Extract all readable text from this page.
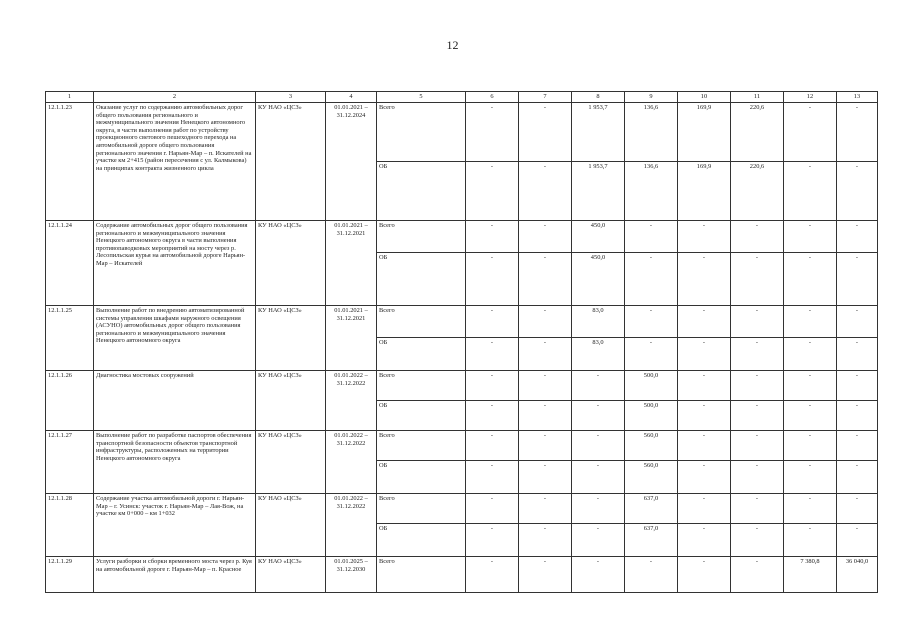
12
1	2	3	4	5	6	7	8	9	10	11	12	13
12.1.1.23	Оказание услуг по содержанию автомобильных дорог общего пользования регионального и межмуниципального значения Ненецкого автономного округа, в части выполнения работ по устройству проекционного светового пешеходного перехода на автомобильной дороге общего пользования регионального значения г. Нарьян-Мар – п. Искателей на участке км 2+415 (район пересечения с ул. Калмыкова) на принципах контракта жизненного цикла	КУ НАО «ЦСЗ»	01.01.2021 – 31.12.2024	Всего	-	-	1 953,7	136,6	169,9	220,6	-	-
				ОБ	-	-	1 953,7	136,6	169,9	220,6	-	-
12.1.1.24	Содержание автомобильных дорог общего пользования регионального и межмуниципального значения Ненецкого автономного округа в части выполнения противопаводковых мероприятий на мосту через р. Лесопильская курья на автомобильной дороге Нарьян-Мар – Искателей	КУ НАО «ЦСЗ»	01.01.2021 – 31.12.2021	Всего	-	-	450,0	-	-	-	-	-
				ОБ	-	-	450,0	-	-	-	-	-
12.1.1.25	Выполнение работ по внедрению автоматизированной системы управления шкафами наружного освещения (АСУНО) автомобильных дорог общего пользования регионального и межмуниципального значения Ненецкого автономного округа	КУ НАО «ЦСЗ»	01.01.2021 – 31.12.2021	Всего	-	-	83,0	-	-	-	-	-
				ОБ	-	-	83,0	-	-	-	-	-
12.1.1.26	Диагностика мостовых сооружений	КУ НАО «ЦСЗ»	01.01.2022 – 31.12.2022	Всего	-	-	-	500,0	-	-	-	-
				ОБ	-	-	-	500,0	-	-	-	-
12.1.1.27	Выполнение работ по разработке паспортов обеспечения транспортной безопасности объектов транспортной инфраструктуры, расположенных на территории Ненецкого автономного округа	КУ НАО «ЦСЗ»	01.01.2022 – 31.12.2022	Всего	-	-	-	560,0	-	-	-	-
				ОБ	-	-	-	560,0	-	-	-	-
12.1.1.28	Содержание участка автомобильной дороги г. Нарьян-Мар – г. Усинск: участок г. Нарьян-Мар – Лая-Вож, на участке км 0+000 – км 1+032	КУ НАО «ЦСЗ»	01.01.2022 – 31.12.2022	Всего	-	-	-	637,0	-	-	-	-
				ОБ	-	-	-	637,0	-	-	-	-
12.1.1.29	Услуги разборки и сборки временного моста через р. Куя на автомобильной дороге г. Нарьян-Мар – п. Красное	КУ НАО «ЦСЗ»	01.01.2025 – 31.12.2030	Всего	-	-	-	-	-	-	7 380,8	36 040,0
